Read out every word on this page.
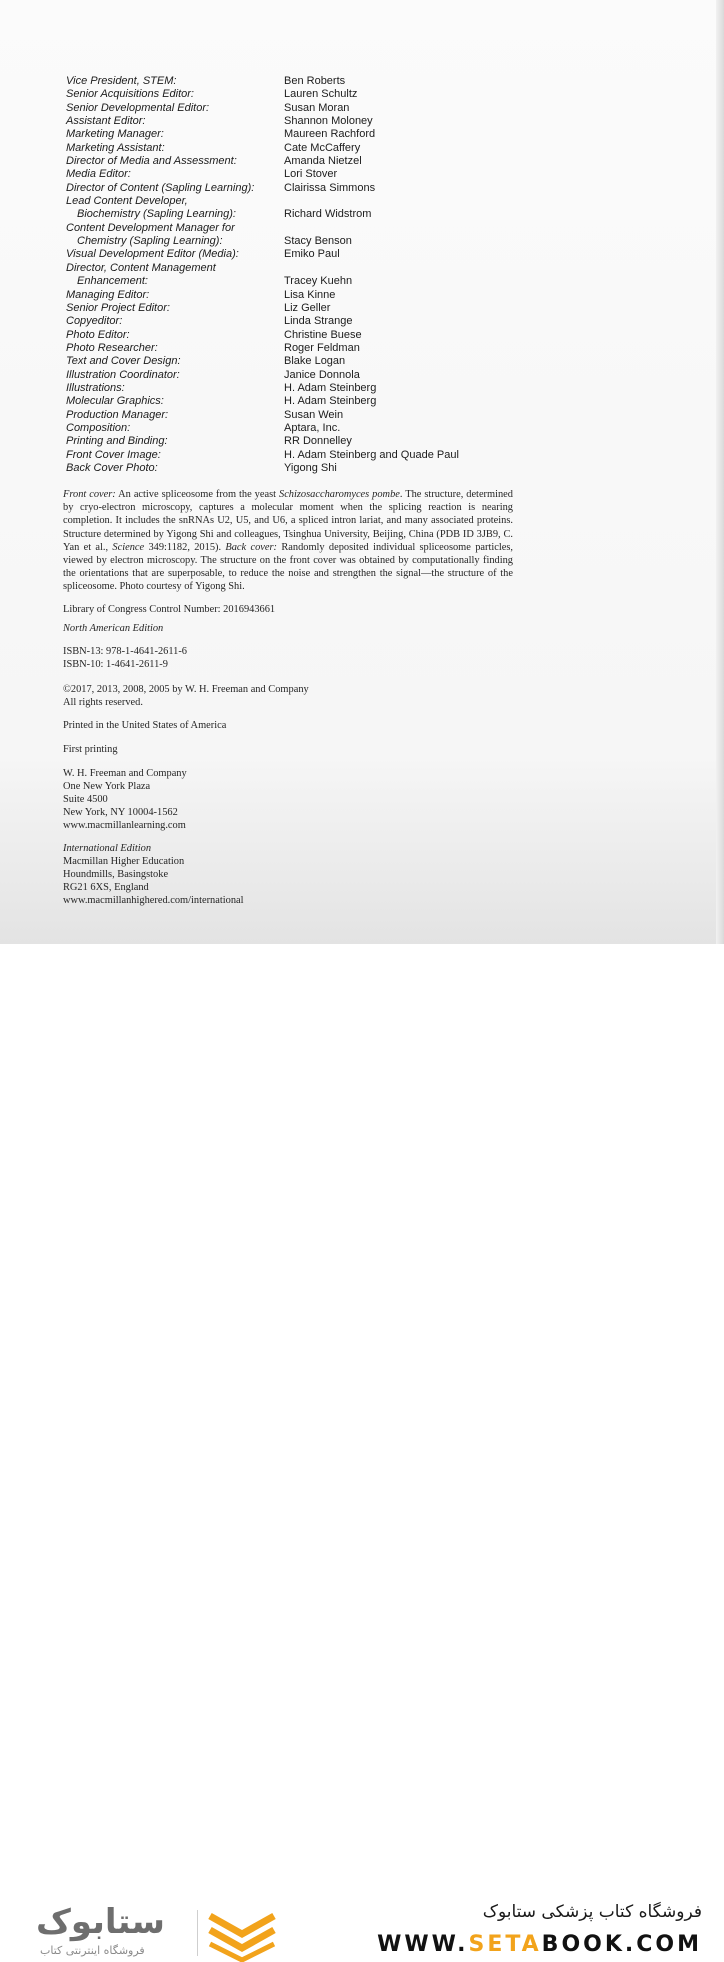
Vice President, STEM:	Ben Roberts
Senior Acquisitions Editor:	Lauren Schultz
Senior Developmental Editor:	Susan Moran
Assistant Editor:	Shannon Moloney
Marketing Manager:	Maureen Rachford
Marketing Assistant:	Cate McCaffery
Director of Media and Assessment:	Amanda Nietzel
Media Editor:	Lori Stover
Director of Content (Sapling Learning):	Clairissa Simmons
Lead Content Developer,
Biochemistry (Sapling Learning):	Richard Widstrom
Content Development Manager for
Chemistry (Sapling Learning):	Stacy Benson
Visual Development Editor (Media):	Emiko Paul
Director, Content Management
Enhancement:	Tracey Kuehn
Managing Editor:	Lisa Kinne
Senior Project Editor:	Liz Geller
Copyeditor:	Linda Strange
Photo Editor:	Christine Buese
Photo Researcher:	Roger Feldman
Text and Cover Design:	Blake Logan
Illustration Coordinator:	Janice Donnola
Illustrations:	H. Adam Steinberg
Molecular Graphics:	H. Adam Steinberg
Production Manager:	Susan Wein
Composition:	Aptara, Inc.
Printing and Binding:	RR Donnelley
Front Cover Image:	H. Adam Steinberg and Quade Paul
Back Cover Photo:	Yigong Shi
Front cover: An active spliceosome from the yeast Schizosaccharomyces pombe. The structure, determined by cryo-electron microscopy, captures a molecular moment when the splicing reaction is nearing completion. It includes the snRNAs U2, U5, and U6, a spliced intron lariat, and many associated proteins. Structure determined by Yigong Shi and colleagues, Tsinghua University, Beijing, China (PDB ID 3JB9, C. Yan et al., Science 349:1182, 2015). Back cover: Randomly deposited individual spliceosome particles, viewed by electron microscopy. The structure on the front cover was obtained by computationally finding the orientations that are superposable, to reduce the noise and strengthen the signal—the structure of the spliceosome. Photo courtesy of Yigong Shi.
Library of Congress Control Number: 2016943661
North American Edition
ISBN-13: 978-1-4641-2611-6
ISBN-10: 1-4641-2611-9
©2017, 2013, 2008, 2005 by W. H. Freeman and Company
All rights reserved.
Printed in the United States of America
First printing
W. H. Freeman and Company
One New York Plaza
Suite 4500
New York, NY 10004-1562
www.macmillanlearning.com
International Edition
Macmillan Higher Education
Houndmills, Basingstoke
RG21 6XS, England
www.macmillanhighered.com/international
ستابوک
فروشگاه اینترنتی کتاب
فروشگاه کتاب پزشکی ستابوک
WWW.SETABOOK.COM
